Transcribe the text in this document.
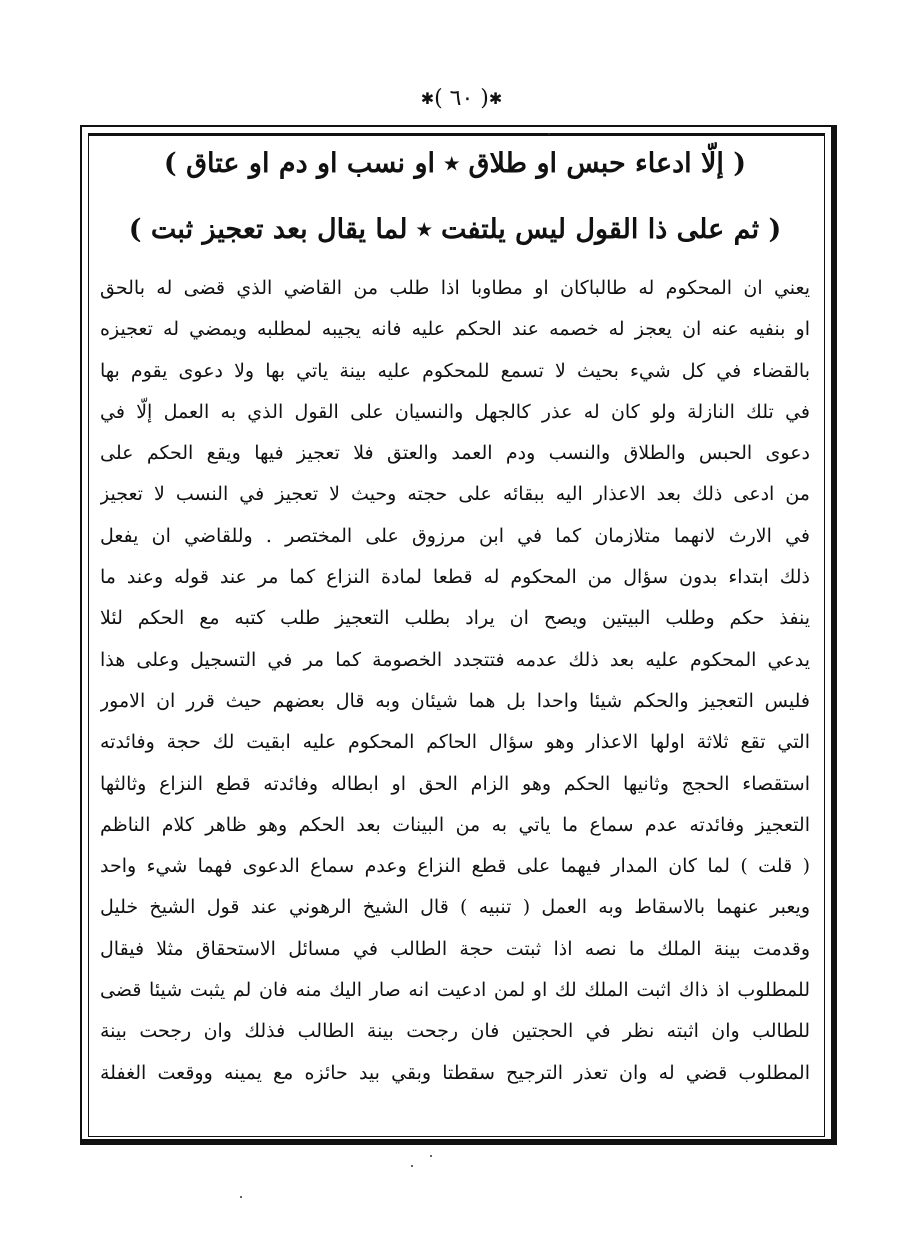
✱( ٦٠ )✱
( إلّا ادعاء حبس او طلاق ٭ او نسب او دم او عتاق )
( ثم على ذا القول ليس يلتفت ٭ لما يقال بعد تعجيز ثبت )
يعني ان المحكوم له طالباكان او مطاوبا اذا طلب من القاضي الذي قضى له بالحق
او بنفيه عنه ان يعجز له خصمه عند الحكم عليه فانه يجيبه لمطلبه ويمضي له تعجيزه
بالقضاء في كل شيء بحيث لا تسمع للمحكوم عليه بينة ياتي بها ولا دعوى يقوم بها
في تلك النازلة ولو كان له عذر كالجهل والنسيان على القول الذي به العمل إلّا في
دعوى الحبس والطلاق والنسب ودم العمد والعتق فلا تعجيز فيها ويقع الحكم على
من ادعى ذلك بعد الاعذار اليه ببقائه على حجته وحيث لا تعجيز في النسب لا تعجيز
في الارث لانهما متلازمان كما في ابن مرزوق على المختصر . وللقاضي ان يفعل
ذلك ابتداء بدون سؤال من المحكوم له قطعا لمادة النزاع كما مر عند قوله وعند ما
ينفذ حكم وطلب البيتين ويصح ان يراد بطلب التعجيز طلب كتبه مع الحكم لئلا
يدعي المحكوم عليه بعد ذلك عدمه فتتجدد الخصومة كما مر في التسجيل وعلى هذا
فليس التعجيز والحكم شيئا واحدا بل هما شيئان وبه قال بعضهم حيث قرر ان الامور
التي تقع ثلاثة اولها الاعذار وهو سؤال الحاكم المحكوم عليه ابقيت لك حجة وفائدته
استقصاء الحجج وثانيها الحكم وهو الزام الحق او ابطاله وفائدته قطع النزاع وثالثها
التعجيز وفائدته عدم سماع ما ياتي به من البينات بعد الحكم وهو ظاهر كلام الناظم
( قلت ) لما كان المدار فيهما على قطع النزاع وعدم سماع الدعوى فهما شيء واحد
ويعبر عنهما بالاسقاط وبه العمل ( تنبيه ) قال الشيخ الرهوني عند قول الشيخ خليل
وقدمت بينة الملك ما نصه اذا ثبتت حجة الطالب في مسائل الاستحقاق مثلا فيقال
للمطلوب اذ ذاك اثبت الملك لك او لمن ادعيت انه صار اليك منه فان لم يثبت شيئا قضى
للطالب وان اثبته نظر في الحجتين فان رجحت بينة الطالب فذلك وان رجحت بينة
المطلوب قضي له وان تعذر الترجيح سقطتا وبقي بيد حائزه مع يمينه ووقعت الغفلة
